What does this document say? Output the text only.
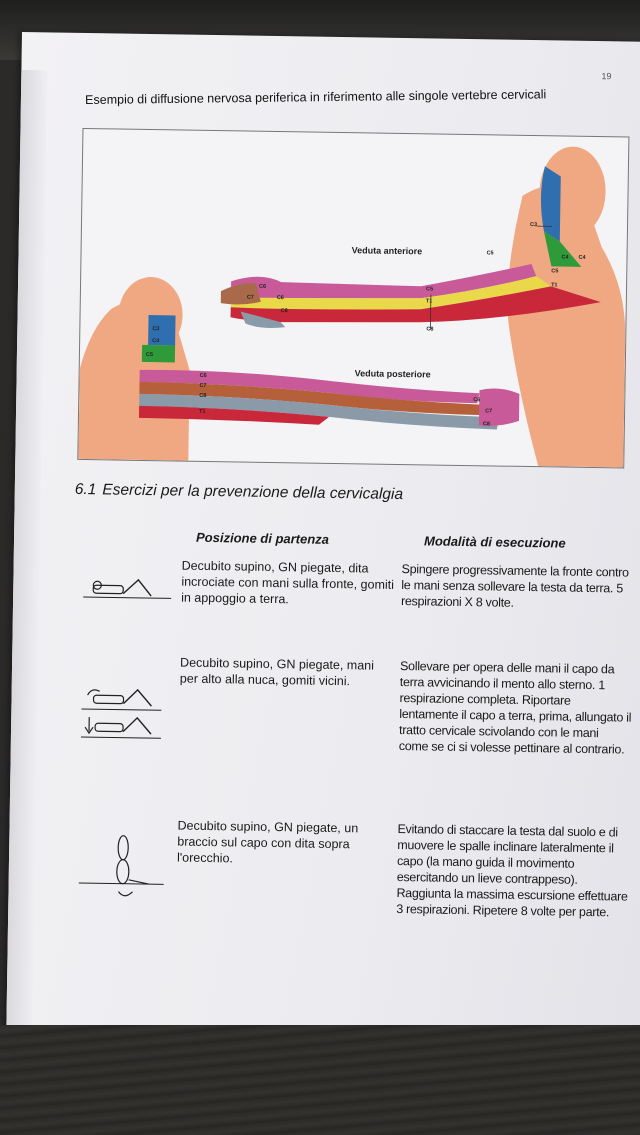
19
Esempio di diffusione nervosa periferica in riferimento alle singole vertebre cervicali
Veduta anteriore
Veduta posteriore
C3
C4
C5
C6	C5
T1
C8
C6
C7
C8
C4
C5
T1
C3
C4
C5
C6
C7
C8
T1
C6
C7
C8
6.1 Esercizi per la prevenzione della cervicalgia
Posizione di partenza	Modalità di esecuzione
Decubito supino, GN piegate, dita incrociate con mani sulla fronte, gomiti in appoggio a terra.
Spingere progressivamente la fronte contro le mani senza sollevare la testa da terra. 5 respirazioni X 8 volte.
Decubito supino, GN piegate, mani per alto alla nuca, gomiti vicini.
Sollevare per opera delle mani il capo da terra avvicinando il mento allo sterno. 1 respirazione completa. Riportare lentamente il capo a terra, prima, allungato il tratto cervicale scivolando con le mani come se ci si volesse pettinare al contrario.
Decubito supino, GN piegate, un braccio sul capo con dita sopra l'orecchio.
Evitando di staccare la testa dal suolo e di muovere le spalle inclinare lateralmente il capo (la mano guida il movimento esercitando un lieve contrappeso). Raggiunta la massima escursione effettuare 3 respirazioni. Ripetere 8 volte per parte.
